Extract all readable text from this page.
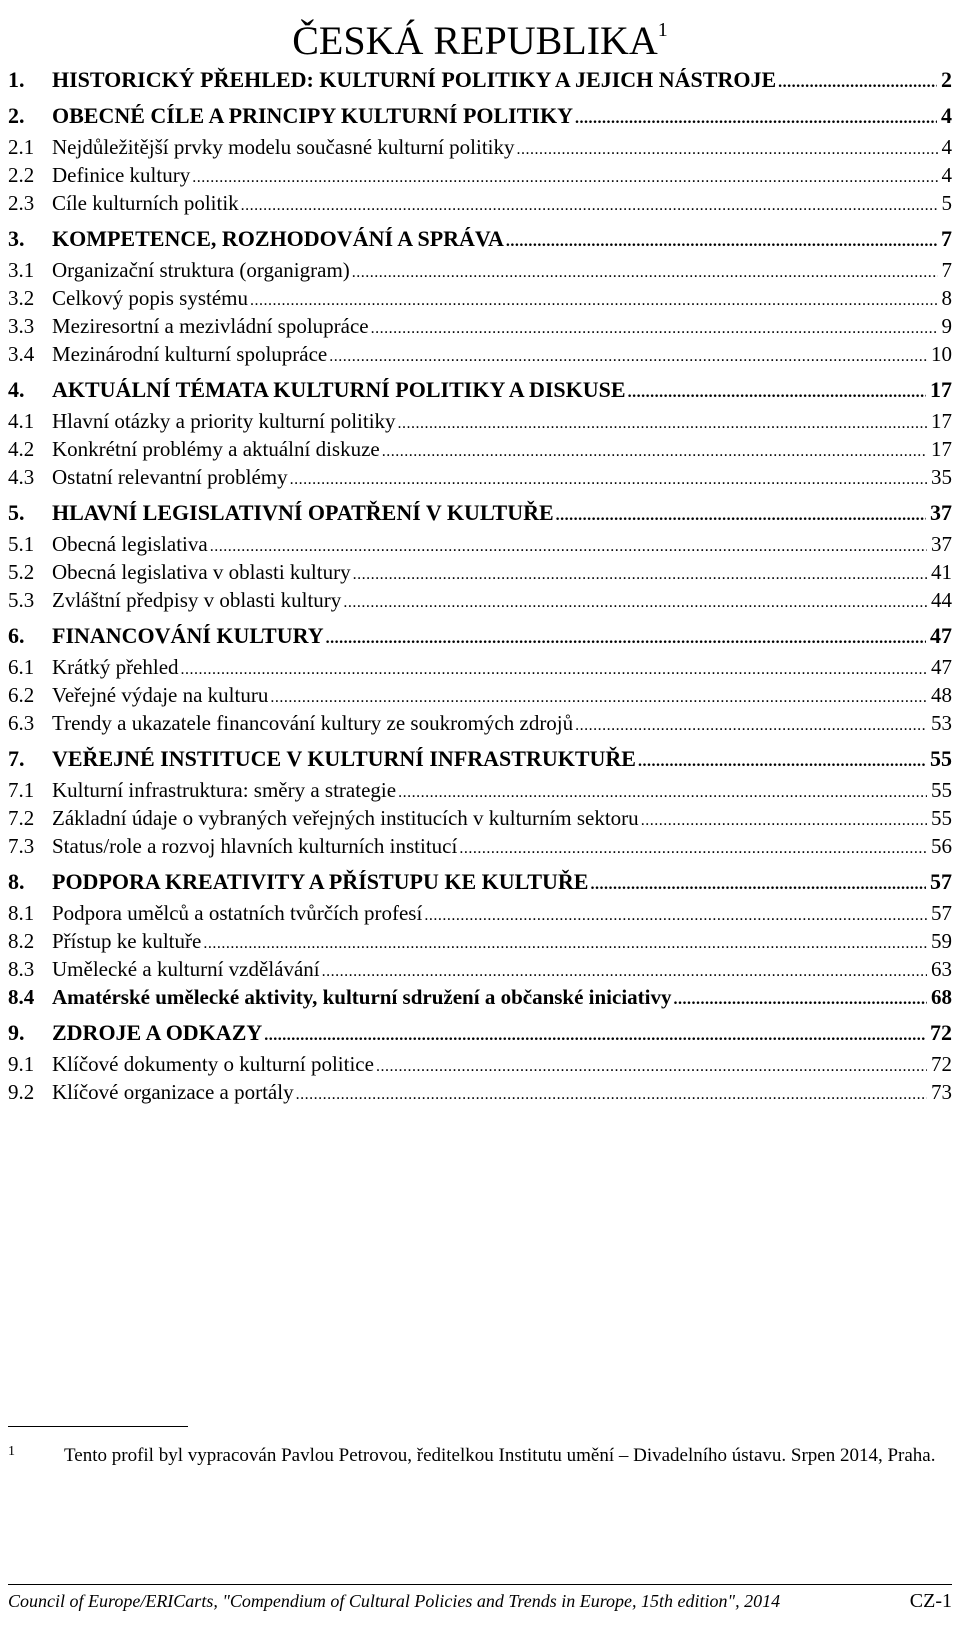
ČESKÁ REPUBLIKA$^1$
1.	HISTORICKÝ PŘEHLED: KULTURNÍ POLITIKY A JEJICH NÁSTROJE .....	2
2.	OBECNÉ CÍLE A PRINCIPY KULTURNÍ POLITIKY .....	4
2.1 Nejdůležitější prvky modelu současné kulturní politiky .....	4
2.2 Definice kultury .....	4
2.3 Cíle kulturních politik .....	5
3.	KOMPETENCE, ROZHODOVÁNÍ A SPRÁVA .....	7
3.1 Organizační struktura (organigram) .....	7
3.2 Celkový popis systému .....	8
3.3 Meziresortní a mezivládní spolupráce .....	9
3.4 Mezinárodní kulturní spolupráce .....	10
4.	AKTUÁLNÍ TÉMATA KULTURNÍ POLITIKY A DISKUSE .....	17
4.1 Hlavní otázky a priority kulturní politiky .....	17
4.2 Konkrétní problémy a aktuální diskuze .....	17
4.3 Ostatní relevantní problémy .....	35
5.	HLAVNÍ LEGISLATIVNÍ OPATŘENÍ V KULTUŘE .....	37
5.1 Obecná legislativa .....	37
5.2 Obecná legislativa v oblasti kultury .....	41
5.3 Zvláštní předpisy v oblasti kultury .....	44
6.	FINANCOVÁNÍ KULTURY .....	47
6.1 Krátký přehled .....	47
6.2 Veřejné výdaje na kulturu .....	48
6.3 Trendy a ukazatele financování kultury ze soukromých zdrojů .....	53
7.	VEŘEJNÉ INSTITUCE V KULTURNÍ INFRASTRUKTUŘE .....	55
7.1 Kulturní infrastruktura: směry a strategie .....	55
7.2 Základní údaje o vybraných veřejných institucích v kulturním sektoru .....	55
7.3 Status/role a rozvoj hlavních kulturních institucí .....	56
8.	PODPORA KREATIVITY A PŘÍSTUPU KE KULTUŘE .....	57
8.1 Podpora umělců a ostatních tvůrčích profesí .....	57
8.2 Přístup ke kultuře .....	59
8.3 Umělecké a kulturní vzdělávání .....	63
8.4 Amatérské umělecké aktivity, kulturní sdružení a občanské iniciativy .....	68
9.	ZDROJE A ODKAZY .....	72
9.1 Klíčové dokumenty o kulturní politice .....	72
9.2 Klíčové organizace a portály .....	73
1	Tento profil byl vypracován Pavlou Petrovou, ředitelkou Institutu umění – Divadelního ústavu. Srpen 2014, Praha.
Council of Europe/ERICarts, "Compendium of Cultural Policies and Trends in Europe, 15th edition", 2014	CZ-1
